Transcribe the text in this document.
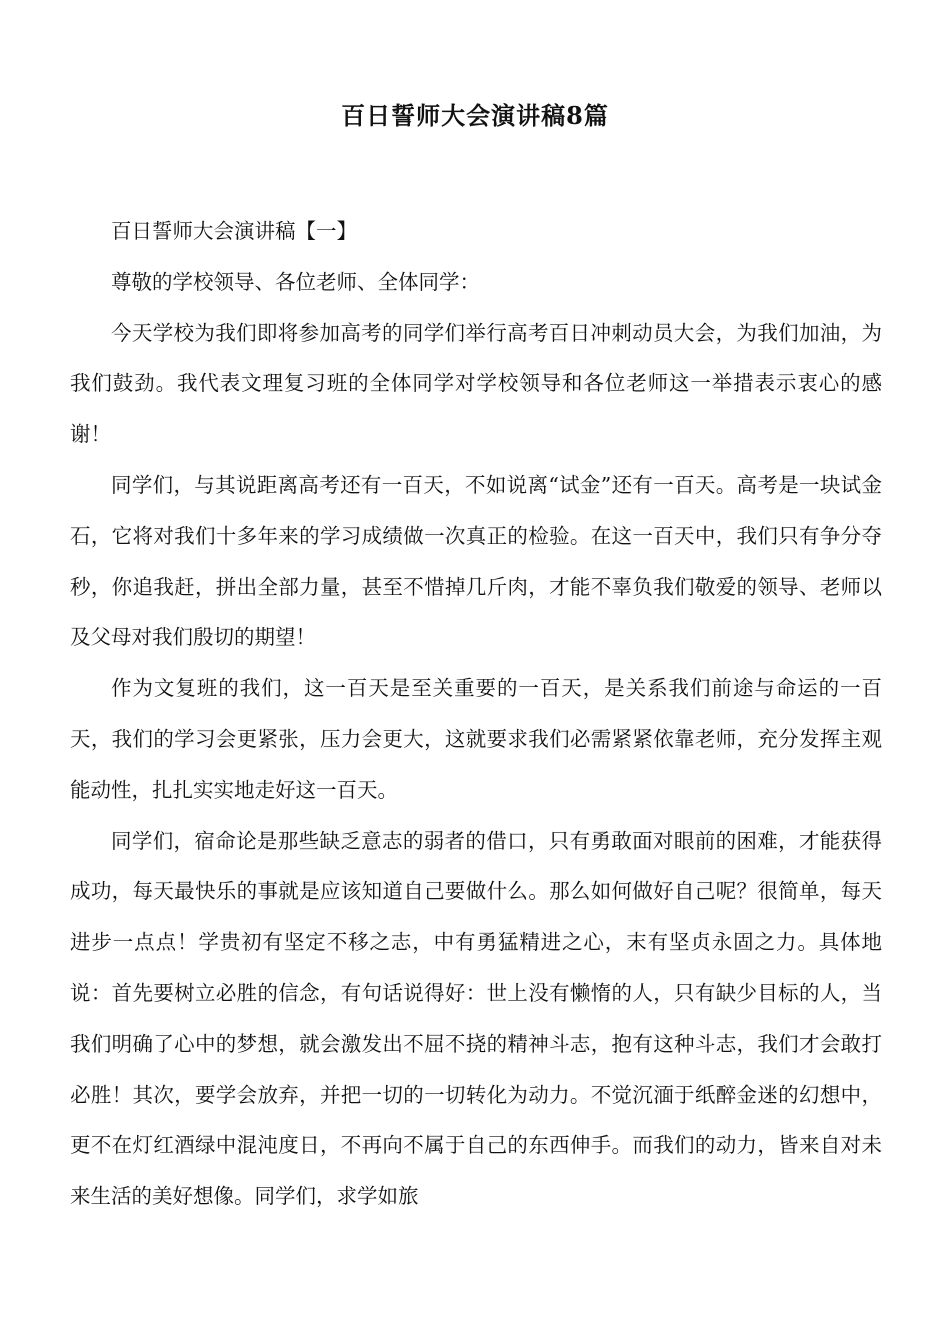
百日誓师大会演讲稿8篇

百日誓师大会演讲稿【一】

尊敬的学校领导、各位老师、全体同学：

今天学校为我们即将参加高考的同学们举行高考百日冲刺动员大会，为我们加油，为我们鼓劲。我代表文理复习班的全体同学对学校领导和各位老师这一举措表示衷心的感谢！

同学们，与其说距离高考还有一百天，不如说离“试金”还有一百天。高考是一块试金石，它将对我们十多年来的学习成绩做一次真正的检验。在这一百天中，我们只有争分夺秒，你追我赶，拼出全部力量，甚至不惜掉几斤肉，才能不辜负我们敬爱的领导、老师以及父母对我们殷切的期望！

作为文复班的我们，这一百天是至关重要的一百天，是关系我们前途与命运的一百天，我们的学习会更紧张，压力会更大，这就要求我们必需紧紧依靠老师，充分发挥主观能动性，扎扎实实地走好这一百天。

同学们，宿命论是那些缺乏意志的弱者的借口，只有勇敢面对眼前的困难，才能获得成功，每天最快乐的事就是应该知道自己要做什么。那么如何做好自己呢？很简单，每天进步一点点！学贵初有坚定不移之志，中有勇猛精进之心，末有坚贞永固之力。具体地说：首先要树立必胜的信念，有句话说得好：世上没有懒惰的人，只有缺少目标的人，当我们明确了心中的梦想，就会激发出不屈不挠的精神斗志，抱有这种斗志，我们才会敢打必胜！其次，要学会放弃，并把一切的一切转化为动力。不觉沉湎于纸醉金迷的幻想中，更不在灯红酒绿中混沌度日，不再向不属于自己的东西伸手。而我们的动力，皆来自对未来生活的美好想像。同学们，求学如旅
